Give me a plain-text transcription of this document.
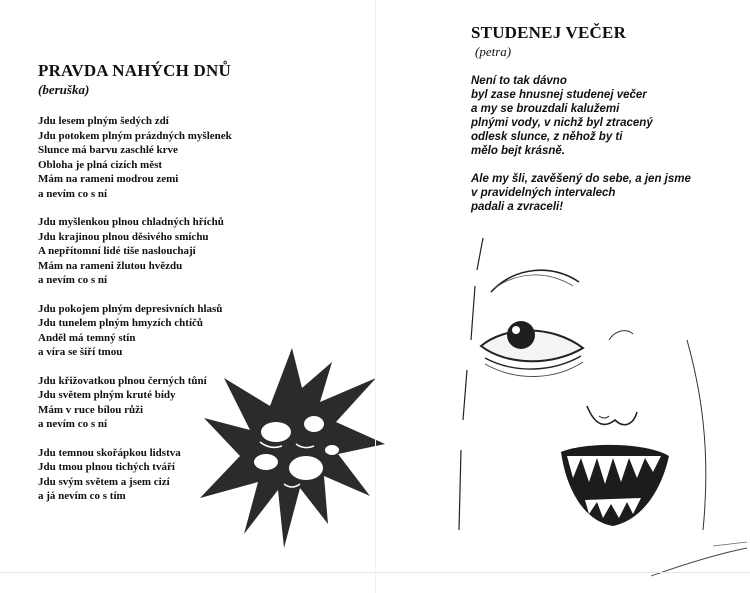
PRAVDA NAHÝCH DNŮ
(beruška)
Jdu lesem plným šedých zdí
Jdu potokem plným prázdných myšlenek
Slunce má barvu zaschlé krve
Obloha je plná cizích měst
Mám na rameni modrou zemi
a nevím co s ní
Jdu myšlenkou plnou chladných hříchů
Jdu krajinou plnou děsivého smíchu
A nepřítomní lidé tiše naslouchají
Mám na rameni žlutou hvězdu
a nevím co s ní
Jdu pokojem plným depresivních hlasů
Jdu tunelem plným hmyzích chtíčů
Anděl má temný stín
a víra se šíří tmou
Jdu křižovatkou plnou černých tůní
Jdu světem plným kruté bídy
Mám v ruce bílou růži
a nevím co s ní
Jdu temnou skořápkou lidstva
Jdu tmou plnou tichých tváří
Jdu svým světem a jsem cizí
a já nevím co s tím
STUDENEJ VEČER
(petra)
Není to tak dávno
byl zase hnusnej studenej večer
a my se brouzdali kalužemi
plnými vody, v nichž byl ztracený
odlesk slunce, z něhož by ti
mělo bejt krásně.
Ale my šli, zavěšený do sebe, a jen jsme
v pravidelných intervalech
padali a zvraceli!
